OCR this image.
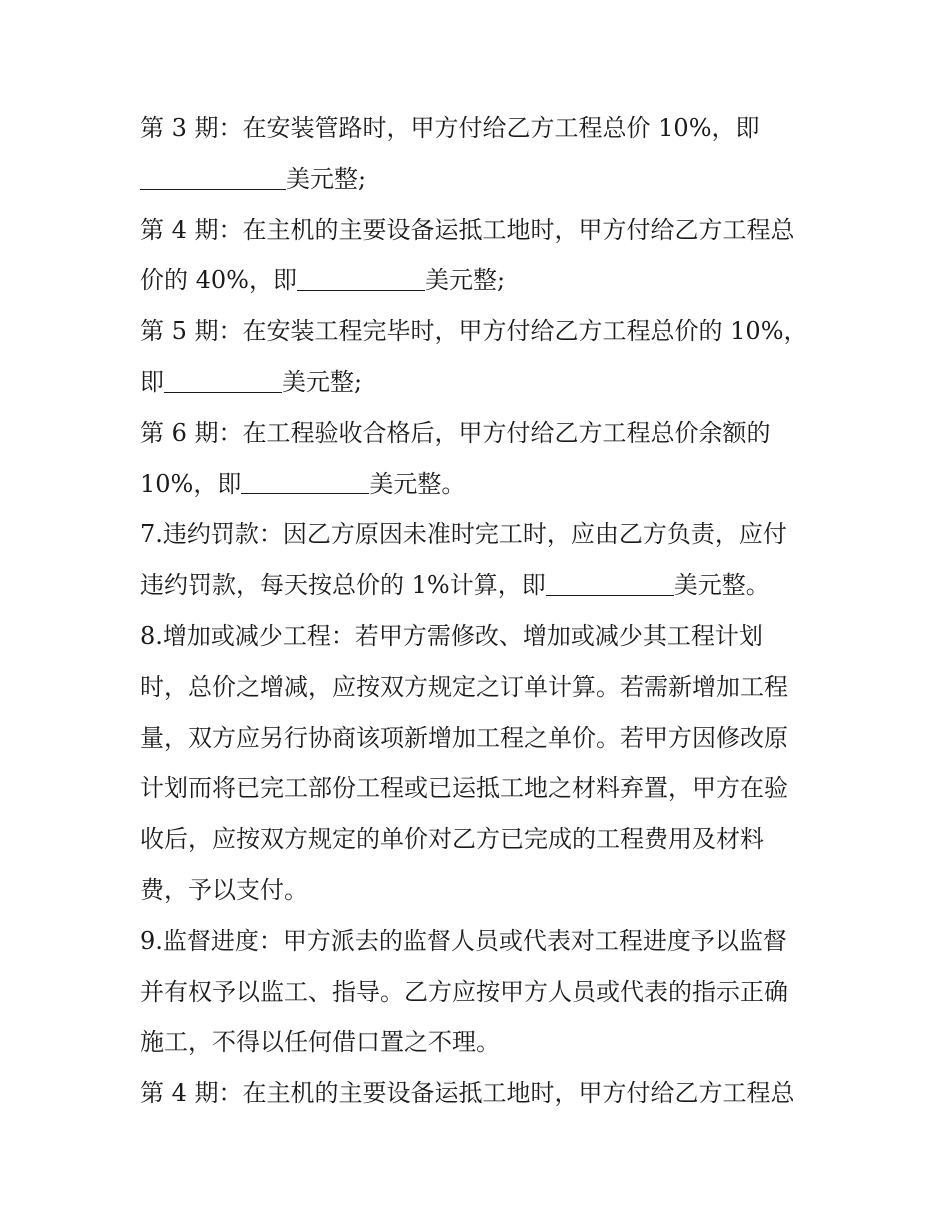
第 3 期：在安装管路时，甲方付给乙方工程总价 10%，即
美元整;
第 4 期：在主机的主要设备运抵工地时，甲方付给乙方工程总
价的 40%，即	美元整;
第 5 期：在安装工程完毕时，甲方付给乙方工程总价的 10%，
即	美元整;
第 6 期：在工程验收合格后，甲方付给乙方工程总价余额的
10%，即	美元整。
7.违约罚款：因乙方原因未准时完工时，应由乙方负责，应付
违约罚款，每天按总价的 1%计算，即	美元整。
8.增加或减少工程：若甲方需修改、增加或减少其工程计划
时，总价之增减，应按双方规定之订单计算。若需新增加工程
量，双方应另行协商该项新增加工程之单价。若甲方因修改原
计划而将已完工部份工程或已运抵工地之材料弃置，甲方在验
收后，应按双方规定的单价对乙方已完成的工程费用及材料
费，予以支付。
9.监督进度：甲方派去的监督人员或代表对工程进度予以监督
并有权予以监工、指导。乙方应按甲方人员或代表的指示正确
施工，不得以任何借口置之不理。
第 4 期：在主机的主要设备运抵工地时，甲方付给乙方工程总
